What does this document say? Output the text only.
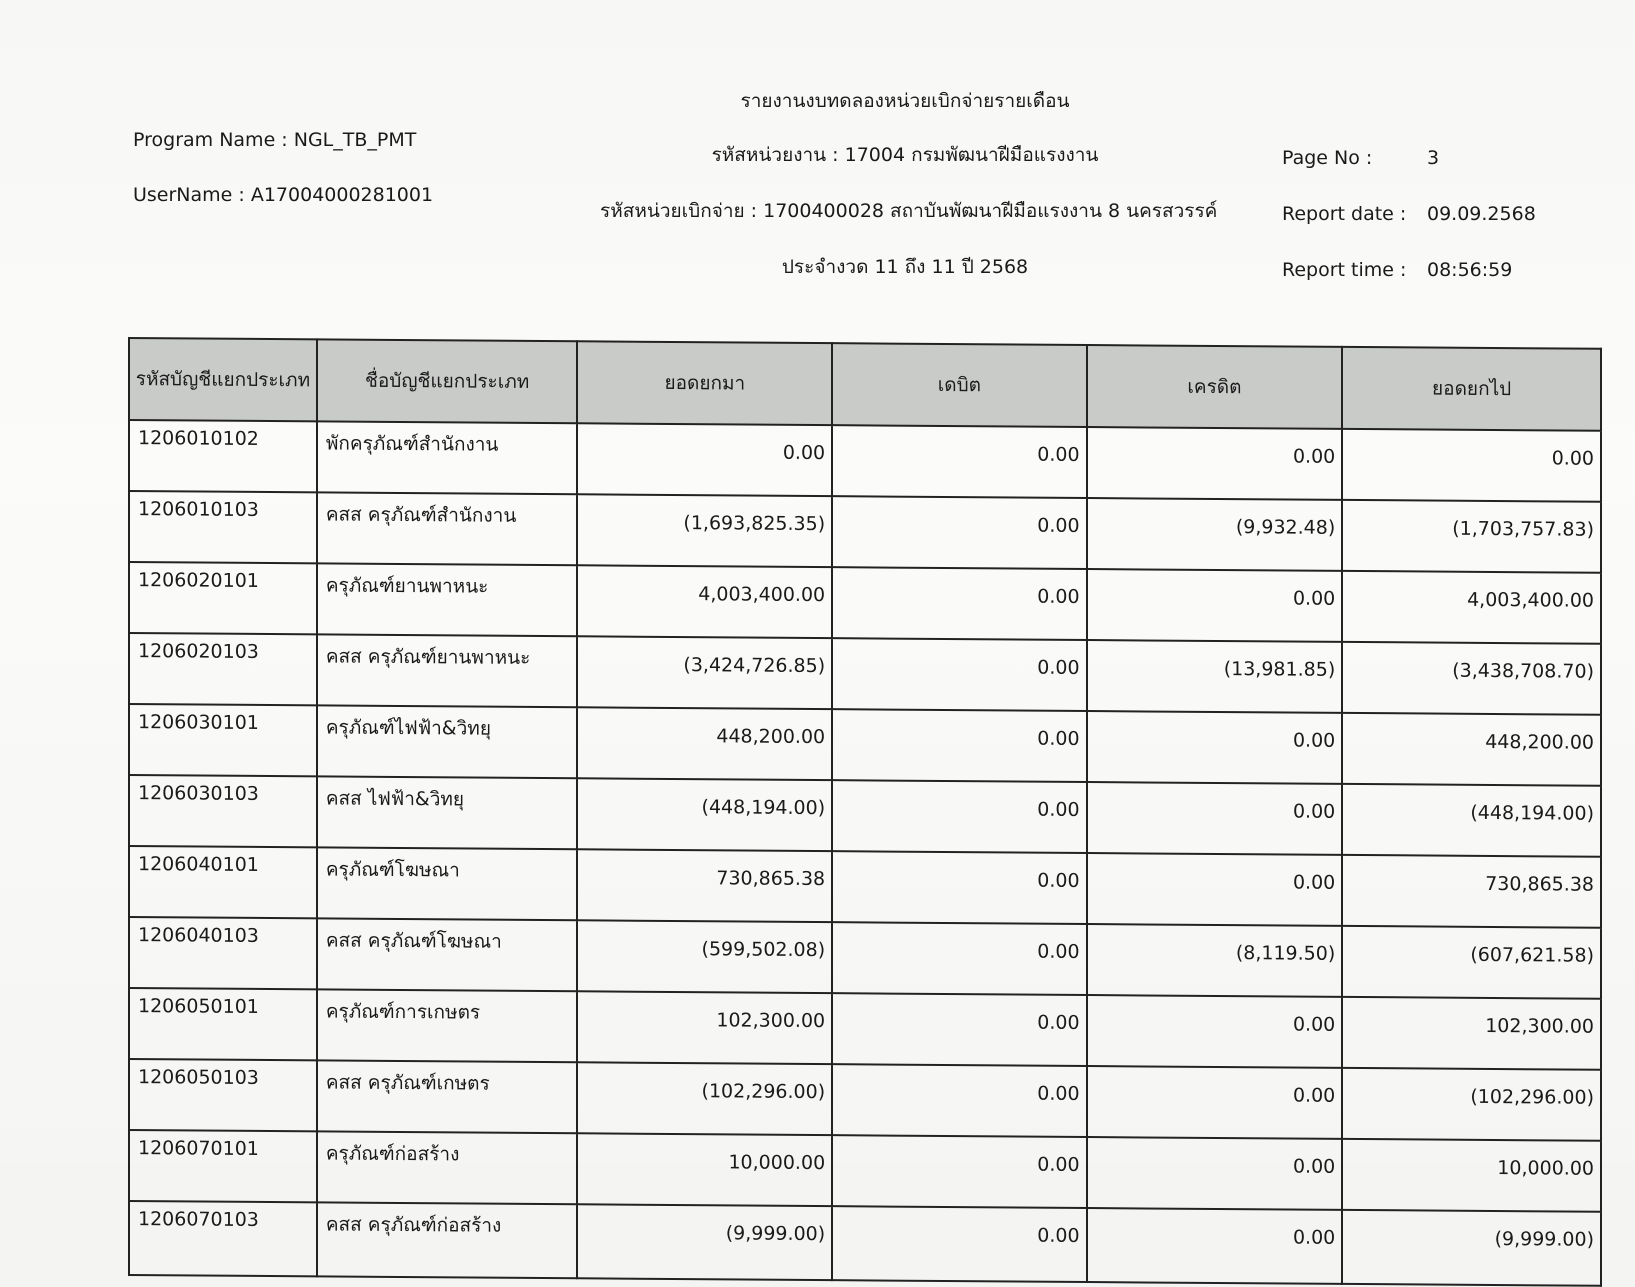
รายงานงบทดลองหน่วยเบิกจ่ายรายเดือน
Program Name : NGL_TB_PMT
UserName : A17004000281001
รหัสหน่วยงาน : 17004 กรมพัฒนาฝีมือแรงงาน
รหัสหน่วยเบิกจ่าย : 1700400028 สถาบันพัฒนาฝีมือแรงงาน 8 นครสวรรค์
ประจำงวด 11 ถึง 11 ปี 2568
Page No :	3
Report date : 09.09.2568
Report time : 08:56:59
รหัสบัญชีแยกประเภท	ชื่อบัญชีแยกประเภท	ยอดยกมา	เดบิต	เครดิต	ยอดยกไป
1206010102	พักครุภัณฑ์สำนักงาน	0.00	0.00	0.00	0.00
1206010103	คสส ครุภัณฑ์สำนักงาน	(1,693,825.35)	0.00	(9,932.48)	(1,703,757.83)
1206020101	ครุภัณฑ์ยานพาหนะ	4,003,400.00	0.00	0.00	4,003,400.00
1206020103	คสส ครุภัณฑ์ยานพาหนะ	(3,424,726.85)	0.00	(13,981.85)	(3,438,708.70)
1206030101	ครุภัณฑ์ไฟฟ้า&วิทยุ	448,200.00	0.00	0.00	448,200.00
1206030103	คสส ไฟฟ้า&วิทยุ	(448,194.00)	0.00	0.00	(448,194.00)
1206040101	ครุภัณฑ์โฆษณา	730,865.38	0.00	0.00	730,865.38
1206040103	คสส ครุภัณฑ์โฆษณา	(599,502.08)	0.00	(8,119.50)	(607,621.58)
1206050101	ครุภัณฑ์การเกษตร	102,300.00	0.00	0.00	102,300.00
1206050103	คสส ครุภัณฑ์เกษตร	(102,296.00)	0.00	0.00	(102,296.00)
1206070101	ครุภัณฑ์ก่อสร้าง	10,000.00	0.00	0.00	10,000.00
1206070103	คสส ครุภัณฑ์ก่อสร้าง	(9,999.00)	0.00	0.00	(9,999.00)
